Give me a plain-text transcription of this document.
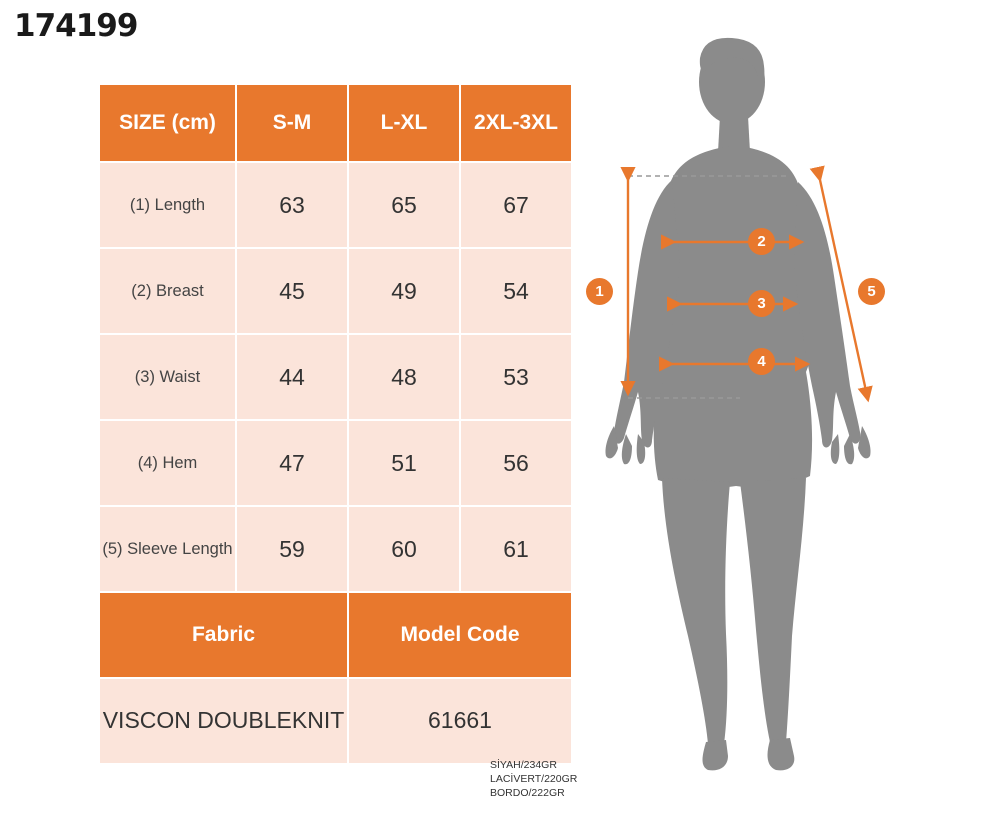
174199
SIZE (cm)	S-M	L-XL	2XL-3XL
(1) Length	63	65	67
(2) Breast	45	49	54
(3) Waist	44	48	53
(4) Hem	47	51	56
(5) Sleeve Length	59	60	61
Fabric		Model Code	
VISCON DOUBLEKNIT		61661	
SİYAH/234GR
LACİVERT/220GR
BORDO/222GR
1
2
3
4
5
